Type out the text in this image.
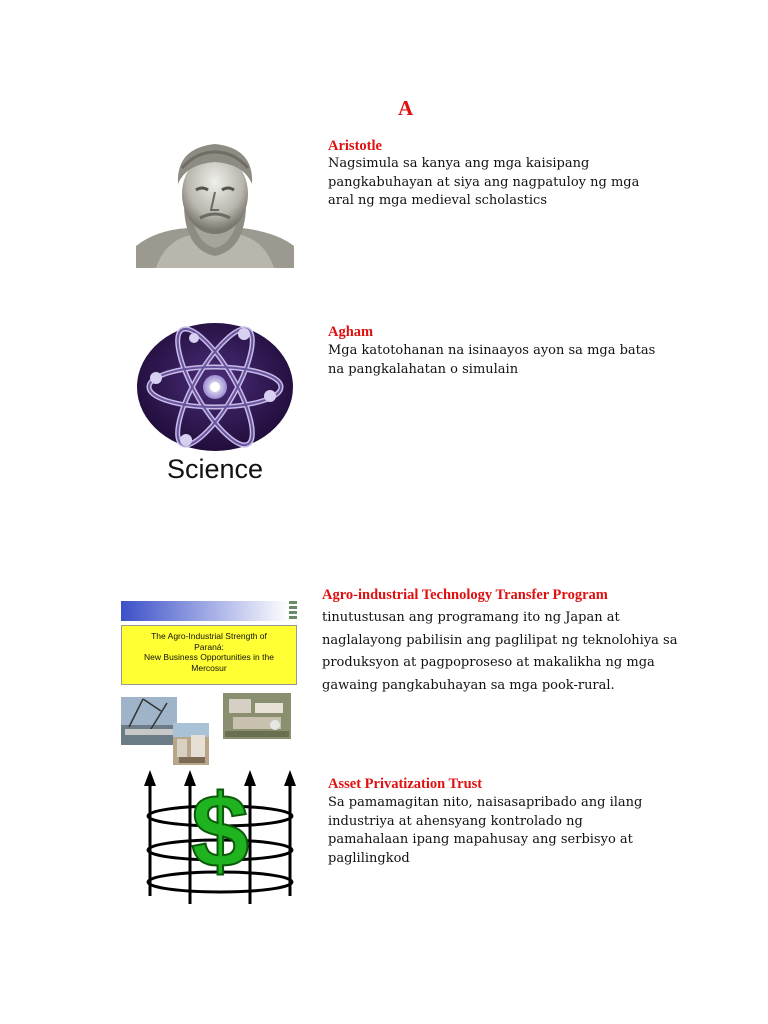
A
Aristotle
Nagsimula sa kanya ang mga kaisipang
pangkabuhayan at siya ang nagpatuloy ng mga
aral ng mga medieval scholastics
Science
Agham
Mga katotohanan na isinaayos ayon sa mga batas
na pangkalahatan o simulain
The Agro-Industrial Strength of
Paraná:
New Business Opportunities in the
Mercosur
Agro-industrial Technology Transfer Program
tinutustusan ang programang ito ng Japan at
naglalayong pabilisin ang paglilipat ng teknolohiya sa
produksyon at pagpoproseso at makalikha ng mga
gawaing pangkabuhayan sa mga pook-rural.
$	Asset Privatization Trust
Sa pamamagitan nito, naisasapribado ang ilang
industriya at ahensyang kontrolado ng
pamahalaan ipang mapahusay ang serbisyo at
paglilingkod
